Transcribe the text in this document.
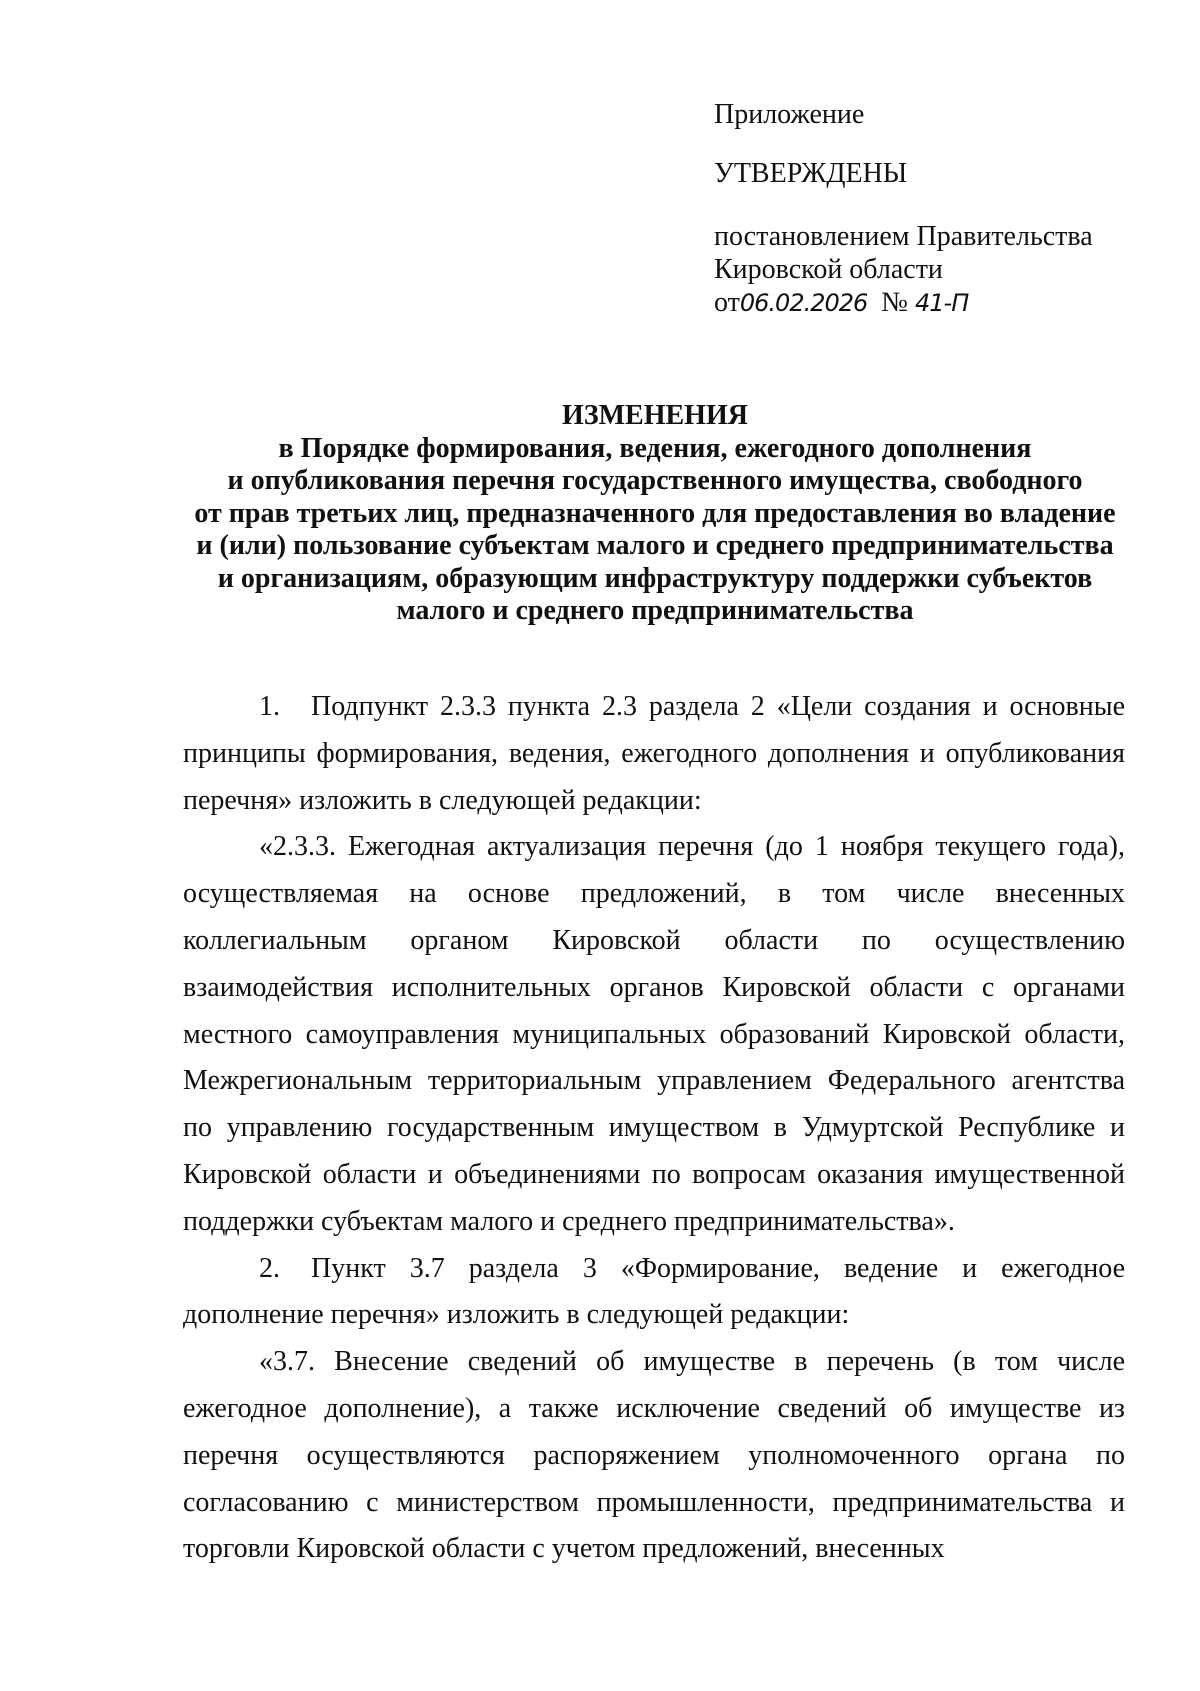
Приложение
УТВЕРЖДЕНЫ
постановлением Правительства
Кировской области
от06.02.2026 № 41-П
ИЗМЕНЕНИЯ
в Порядке формирования, ведения, ежегодного дополнения
и опубликования перечня государственного имущества, свободного
от прав третьих лиц, предназначенного для предоставления во владение
и (или) пользование субъектам малого и среднего предпринимательства
и организациям, образующим инфраструктуру поддержки субъектов
малого и среднего предпринимательства

1. Подпункт 2.3.3 пункта 2.3 раздела 2 «Цели создания и основные принципы формирования, ведения, ежегодного дополнения и опубликования перечня» изложить в следующей редакции:

«2.3.3. Ежегодная актуализация перечня (до 1 ноября текущего года), осуществляемая на основе предложений, в том числе внесенных коллегиальным органом Кировской области по осуществлению взаимодействия исполнительных органов Кировской области с органами местного самоуправления муниципальных образований Кировской области, Межрегиональным территориальным управлением Федерального агентства по управлению государственным имуществом в Удмуртской Республике и Кировской области и объединениями по вопросам оказания имущественной поддержки субъектам малого и среднего предпринимательства».

2. Пункт 3.7 раздела 3 «Формирование, ведение и ежегодное дополнение перечня» изложить в следующей редакции:

«3.7. Внесение сведений об имуществе в перечень (в том числе ежегодное дополнение), а также исключение сведений об имуществе из перечня осуществляются распоряжением уполномоченного органа по согласованию с министерством промышленности, предпринимательства и торговли Кировской области с учетом предложений, внесенных
